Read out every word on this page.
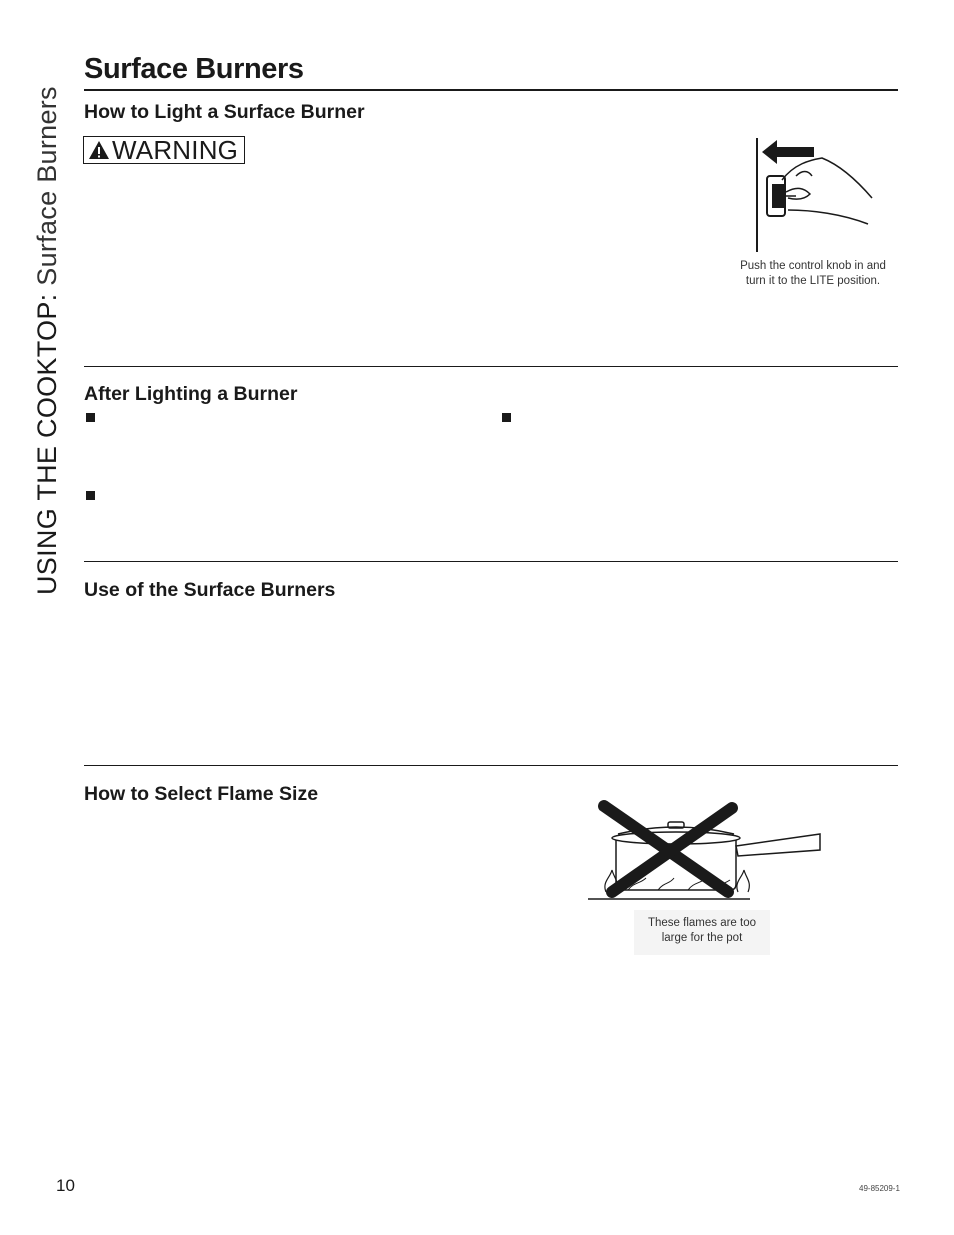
USING THE COOKTOP: Surface Burners
Surface Burners
How to Light a Surface Burner
WARNING
Push the control knob in and
turn it to the LITE position.
After Lighting a Burner
Use of the Surface Burners
How to Select Flame Size
These flames are too
large for the pot
10	49-85209-1
